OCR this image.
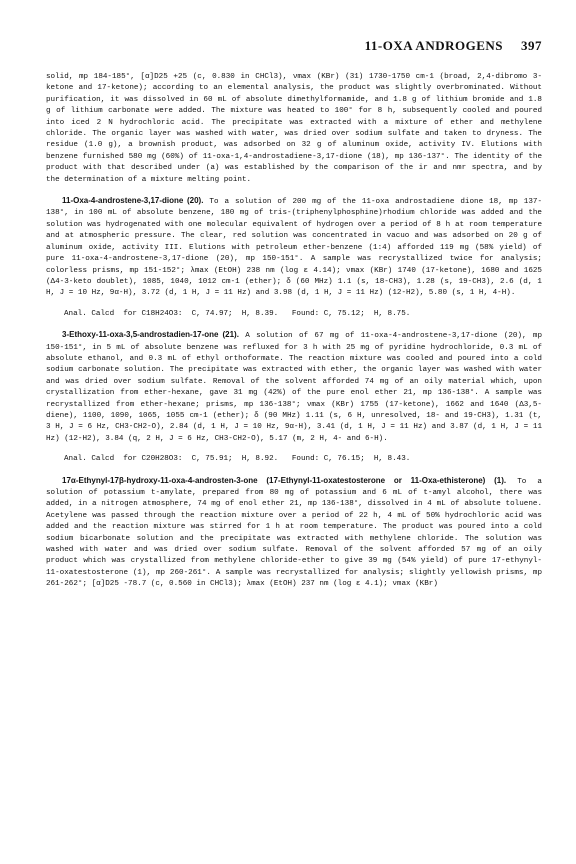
11-OXA ANDROGENS 397

solid, mp 184-185°, [α]D25 +25 (c, 0.830 in CHCl3), νmax (KBr) (31) 1730-1750 cm-1 (broad, 2,4-dibromo 3-ketone and 17-ketone); according to an elemental analysis, the product was slightly overbrominated. Without purification, it was dissolved in 60 mL of absolute dimethylformamide, and 1.8 g of lithium bromide and 1.8 g of lithium carbonate were added. The mixture was heated to 100° for 8 h, subsequently cooled and poured into iced 2 N hydrochloric acid. The precipitate was extracted with a mixture of ether and methylene chloride. The organic layer was washed with water, was dried over sodium sulfate and taken to dryness. The residue (1.0 g), a brownish product, was adsorbed on 32 g of aluminum oxide, activity IV. Elutions with benzene furnished 580 mg (60%) of 11-oxa-1,4-androstadiene-3,17-dione (18), mp 136-137°. The identity of the product with that described under (a) was established by the comparison of the ir and nmr spectra, and by the determination of a mixture melting point.

11-Oxa-4-androstene-3,17-dione (20). To a solution of 200 mg of the 11-oxa androstadiene dione 18, mp 137-138°, in 100 mL of absolute benzene, 180 mg of tris-(triphenylphosphine)rhodium chloride was added and the solution was hydrogenated with one molecular equivalent of hydrogen over a period of 8 h at room temperature and at atmospheric pressure. The clear, red solution was concentrated in vacuo and was adsorbed on 20 g of aluminum oxide, activity III. Elutions with petroleum ether-benzene (1:4) afforded 119 mg (58% yield) of pure 11-oxa-4-androstene-3,17-dione (20), mp 150-151°. A sample was recrystallized twice for analysis; colorless prisms, mp 151-152°; λmax (EtOH) 238 nm (log ε 4.14); νmax (KBr) 1740 (17-ketone), 1680 and 1625 (Δ4-3-keto doublet), 1085, 1040, 1012 cm-1 (ether); δ (60 MHz) 1.1 (s, 18-CH3), 1.28 (s, 19-CH3), 2.6 (d, 1 H, J = 10 Hz, 9α-H), 3.72 (d, 1 H, J = 11 Hz) and 3.98 (d, 1 H, J = 11 Hz) (12-H2), 5.80 (s, 1 H, 4-H).

Anal. Calcd  for C18H24O3:  C, 74.97;  H, 8.39.   Found: C, 75.12;  H, 8.75.

3-Ethoxy-11-oxa-3,5-androstadien-17-one (21). A solution of 67 mg of 11-oxa-4-androstene-3,17-dione (20), mp 150-151°, in 5 mL of absolute benzene was refluxed for 3 h with 25 mg of pyridine hydrochloride, 0.3 mL of absolute ethanol, and 0.3 mL of ethyl orthoformate. The reaction mixture was cooled and poured into a cold sodium carbonate solution. The precipitate was extracted with ether, the organic layer was washed with water and was dried over sodium sulfate. Removal of the solvent afforded 74 mg of an oily material which, upon crystallization from ether-hexane, gave 31 mg (42%) of the pure enol ether 21, mp 136-138°. A sample was recrystallized from ether-hexane; prisms, mp 136-138°; νmax (KBr) 1755 (17-ketone), 1662 and 1640 (Δ3,5-diene), 1100, 1090, 1065, 1055 cm-1 (ether); δ (90 MHz) 1.11 (s, 6 H, unresolved, 18- and 19-CH3), 1.31 (t, 3 H, J = 6 Hz, CH3-CH2-O), 2.84 (d, 1 H, J = 10 Hz, 9α-H), 3.41 (d, 1 H, J = 11 Hz) and 3.87 (d, 1 H, J = 11 Hz) (12-H2), 3.84 (q, 2 H, J = 6 Hz, CH3-CH2-O), 5.17 (m, 2 H, 4- and 6-H).

Anal. Calcd  for C20H28O3:  C, 75.91;  H, 8.92.   Found: C, 76.15;  H, 8.43.

17α-Ethynyl-17β-hydroxy-11-oxa-4-androsten-3-one (17-Ethynyl-11-oxatestosterone or 11-Oxa-ethisterone) (1). To a solution of potassium t-amylate, prepared from 80 mg of potassium and 6 mL of t-amyl alcohol, there was added, in a nitrogen atmosphere, 74 mg of enol ether 21, mp 136-138°, dissolved in 4 mL of absolute toluene. Acetylene was passed through the reaction mixture over a period of 22 h, 4 mL of 50% hydrochloric acid was added and the reaction mixture was stirred for 1 h at room temperature. The product was poured into a cold sodium bicarbonate solution and the precipitate was extracted with methylene chloride. The solution was washed with water and was dried over sodium sulfate. Removal of the solvent afforded 57 mg of an oily product which was crystallized from methylene chloride-ether to give 39 mg (54% yield) of pure 17-ethynyl-11-oxatestosterone (1), mp 260-261°. A sample was recrystallized for analysis; slightly yellowish prisms, mp 261-262°; [α]D25 -78.7 (c, 0.560 in CHCl3); λmax (EtOH) 237 nm (log ε 4.1); νmax (KBr)
